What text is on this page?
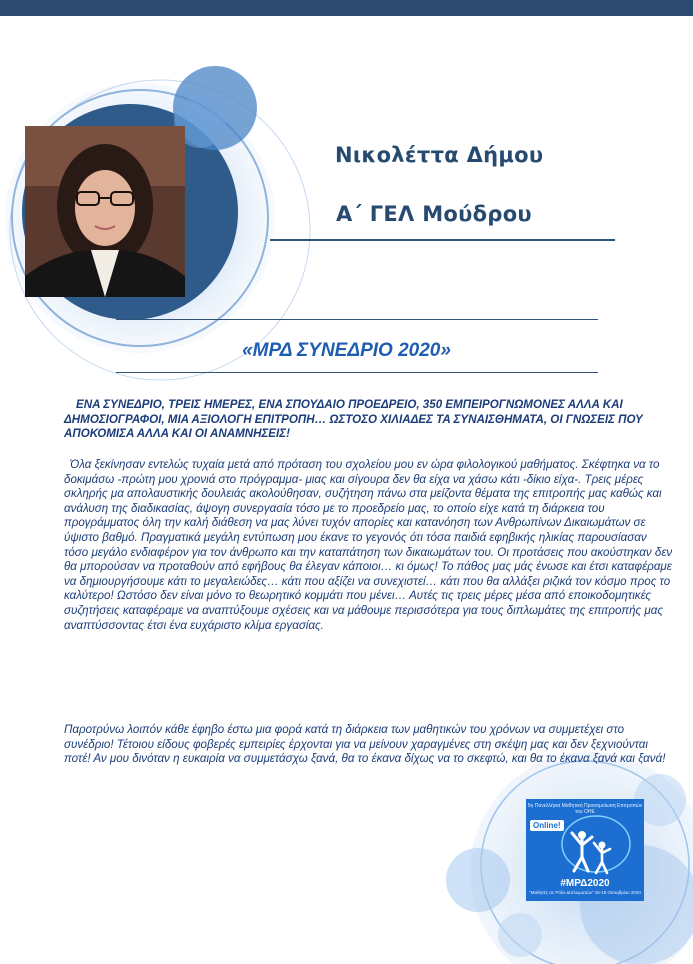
Νικολέττα Δήμου
Α΄ ΓΕΛ Μούδρου
«ΜΡΔ ΣΥΝΕΔΡΙΟ 2020»
ΕΝΑ ΣΥΝΕΔΡΙΟ, ΤΡΕΙΣ ΗΜΕΡΕΣ, ΕΝΑ ΣΠΟΥΔΑΙΟ ΠΡΟΕΔΡΕΙΟ, 350 ΕΜΠΕΙΡΟΓΝΩΜΟΝΕΣ ΑΛΛΑ ΚΑΙ ΔΗΜΟΣΙΟΓΡΑΦΟΙ, ΜΙΑ ΑΞΙΟΛΟΓΗ ΕΠΙΤΡΟΠΗ… ΩΣΤΟΣΟ ΧΙΛΙΑΔΕΣ ΤΑ ΣΥΝΑΙΣΘΗΜΑΤΑ, ΟΙ ΓΝΩΣΕΙΣ ΠΟΥ ΑΠΟΚΟΜΙΣΑ ΑΛΛΑ ΚΑΙ ΟΙ ΑΝΑΜΝΗΣΕΙΣ!
Όλα ξεκίνησαν εντελώς τυχαία μετά από πρόταση του σχολείου μου εν ώρα φιλολογικού μαθήματος. Σκέφτηκα να το δοκιμάσω -πρώτη μου χρονιά στο πρόγραμμα- μιας και σίγουρα δεν θα είχα να χάσω κάτι -δίκιο είχα-. Τρεις μέρες σκληρής μα απολαυστικής δουλειάς ακολούθησαν, συζήτηση πάνω στα μείζοντα θέματα της επιτροπής μας καθώς και ανάλυση της διαδικασίας, άψογη συνεργασία τόσο με το προεδρείο μας, το οποίο είχε κατά τη διάρκεια του προγράμματος όλη την καλή διάθεση να μας λύνει τυχόν απορίες και κατανόηση των Ανθρωπίνων Δικαιωμάτων σε ύψιστο βαθμό. Πραγματικά μεγάλη εντύπωση μου έκανε το γεγονός ότι τόσα παιδιά εφηβικής ηλικίας παρουσίασαν τόσο μεγάλο ενδιαφέρον για τον άνθρωπο και την καταπάτηση των δικαιωμάτων του. Οι προτάσεις που ακούστηκαν δεν θα μπορούσαν να προταθούν από εφήβους θα έλεγαν κάποιοι… κι όμως! Το πάθος μας μάς ένωσε και έτσι καταφέραμε να δημιουργήσουμε κάτι το μεγαλειώδες… κάτι που αξίζει να συνεχιστεί… κάτι που θα αλλάξει ριζικά τον κόσμο προς το καλύτερο! Ωστόσο δεν είναι μόνο το θεωρητικό κομμάτι που μένει… Αυτές τις τρεις μέρες μέσα από εποικοδομητικές συζητήσεις καταφέραμε να αναπτύξουμε σχέσεις και να μάθουμε περισσότερα για τους διπλωμάτες της επιτροπής μας αναπτύσσοντας έτσι ένα ευχάριστο κλίμα εργασίας.
Παροτρύνω λοιπόν κάθε έφηβο έστω μια φορά κατά τη διάρκεια των μαθητικών του χρόνων να συμμετέχει στο συνέδριο! Τέτοιου είδους φοβερές εμπειρίες έρχονται για να μείνουν χαραγμένες στη σκέψη μας και δεν ξεχνιούνται ποτέ! Αν μου δινόταν η ευκαιρία να συμμετάσχω ξανά, θα το έκανα δίχως να το σκεφτώ, και θα το έκανα ξανά και ξανά!
5η Πανελλήνια Μαθητική Προσομοίωση Επιτροπών του ΟΗΕ
Online!
#ΜΡΔ2020
"Μαθητές σε Ρόλο Διπλωματών" 16-18 Οκτωβρίου 2020
